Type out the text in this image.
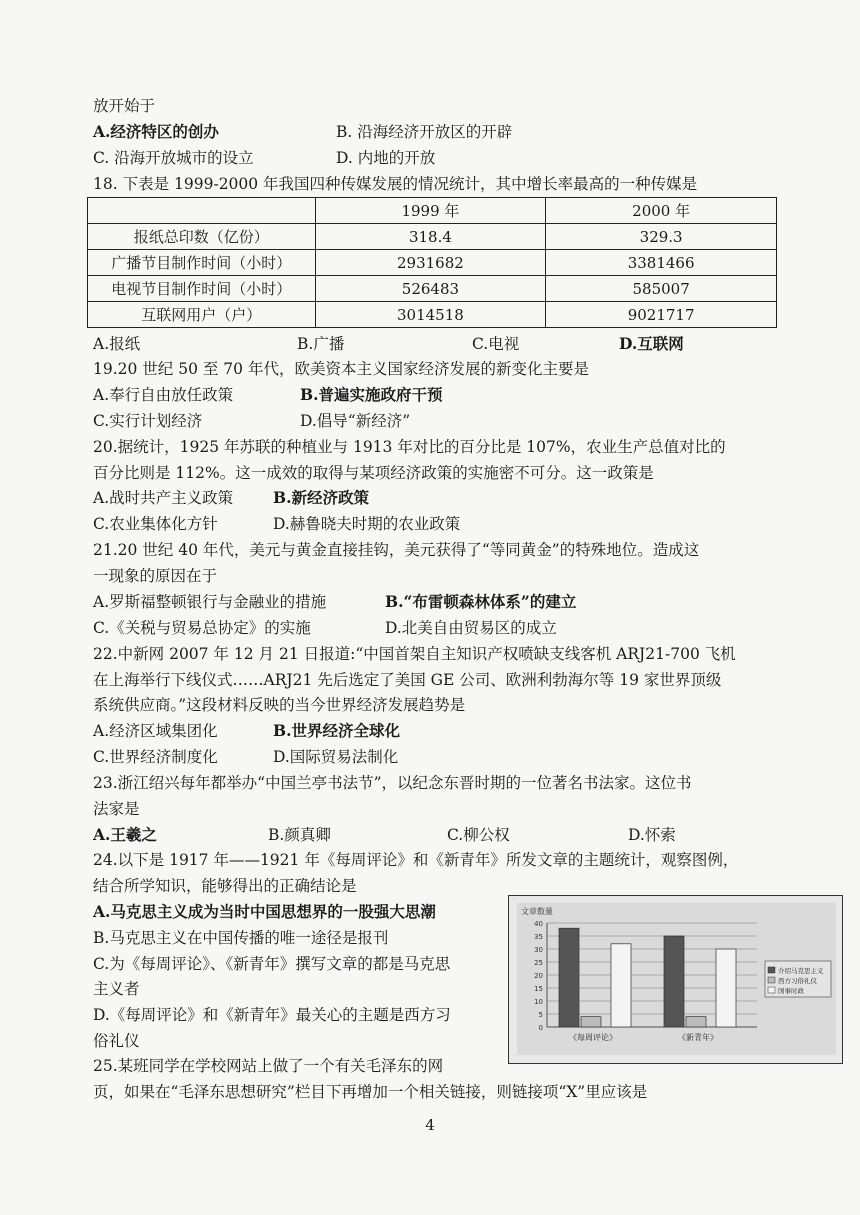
放开始于
A.经济特区的创办	B. 沿海经济开放区的开辟
C. 沿海开放城市的设立	D. 内地的开放
18. 下表是 1999-2000 年我国四种传媒发展的情况统计，其中增长率最高的一种传媒是
	1999 年	2000 年
报纸总印数（亿份）	318.4	329.3
广播节目制作时间（小时）	2931682	3381466
电视节目制作时间（小时）	526483	585007
互联网用户（户）	3014518	9021717
A.报纸	B.广播	C.电视	D.互联网
19.20 世纪 50 至 70 年代，欧美资本主义国家经济发展的新变化主要是
A.奉行自由放任政策	B.普遍实施政府干预
C.实行计划经济	D.倡导“新经济”
20.据统计，1925 年苏联的种植业与 1913 年对比的百分比是 107%，农业生产总值对比的
百分比则是 112%。这一成效的取得与某项经济政策的实施密不可分。这一政策是
A.战时共产主义政策	B.新经济政策
C.农业集体化方针	D.赫鲁晓夫时期的农业政策
21.20 世纪 40 年代，美元与黄金直接挂钩，美元获得了“等同黄金”的特殊地位。造成这
一现象的原因在于
A.罗斯福整顿银行与金融业的措施	B.“布雷顿森林体系”的建立
C.《关税与贸易总协定》的实施	D.北美自由贸易区的成立
22.中新网 2007 年 12 月 21 日报道:“中国首架自主知识产权喷缺支线客机 ARJ21-700 飞机
在上海举行下线仪式……ARJ21 先后选定了美国 GE 公司、欧洲利勃海尔等 19 家世界顶级
系统供应商。”这段材料反映的当今世界经济发展趋势是
A.经济区域集团化	B.世界经济全球化
C.世界经济制度化	D.国际贸易法制化
23.浙江绍兴每年都举办“中国兰亭书法节”，以纪念东晋时期的一位著名书法家。这位书
法家是
A.王羲之	B.颜真卿	C.柳公权	D.怀索
24.以下是 1917 年——1921 年《每周评论》和《新青年》所发文章的主题统计，观察图例，
结合所学知识，能够得出的正确结论是
A.马克思主义成为当时中国思想界的一股强大思潮
B.马克思主义在中国传播的唯一途径是报刊
C.为《每周评论》、《新青年》撰写文章的都是马克思
主义者
D.《每周评论》和《新青年》最关心的主题是西方习
俗礼仪
25.某班同学在学校网站上做了一个有关毛泽东的网
页，如果在“毛泽东思想研究”栏目下再增加一个相关链接，则链接项“X”里应该是
文章数量
0
5
10
15
20
25
30
35
40
《每周评论》	《新青年》
介绍马克思主义
西方习俗礼仪
国事时政
4
